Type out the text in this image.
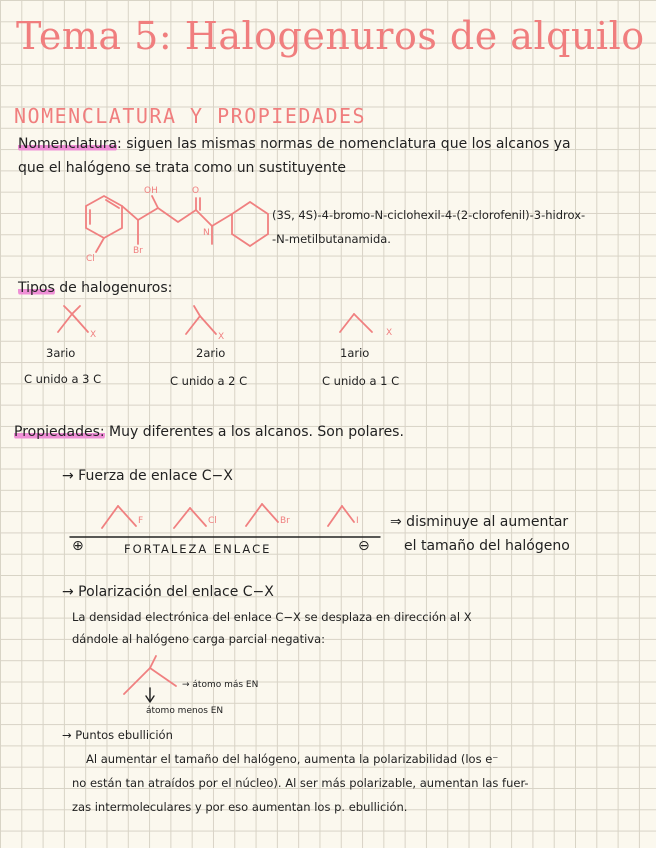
Tema 5: Halogenuros de alquilo
NOMENCLATURA Y PROPIEDADES
Nomenclatura: siguen las mismas normas de nomenclatura que los alcanos ya
que el halógeno se trata como un sustituyente
Cl
Br
OH	O
N
(3S, 4S)-4-bromo-N-ciclohexil-4-(2-clorofenil)-3-hidrox-
-N-metilbutanamida.
Tipos de halogenuros:
X	X	X
3ario	2ario	1ario
C unido a 3 C	C unido a 2 C	C unido a 1 C
Propiedades: Muy diferentes a los alcanos. Son polares.
→ Fuerza de enlace C−X
F	Cl	Br	I
⊕	FORTALEZA ENLACE	⊖
⇒ disminuye al aumentar
el tamaño del halógeno
→ Polarización del enlace C−X
La densidad electrónica del enlace C−X se desplaza en dirección al X
dándole al halógeno carga parcial negativa:
→ átomo más EN
átomo menos EN
→ Puntos ebullición
Al aumentar el tamaño del halógeno, aumenta la polarizabilidad (los e⁻
no están tan atraídos por el núcleo). Al ser más polarizable, aumentan las fuer-
zas intermoleculares y por eso aumentan los p. ebullición.
